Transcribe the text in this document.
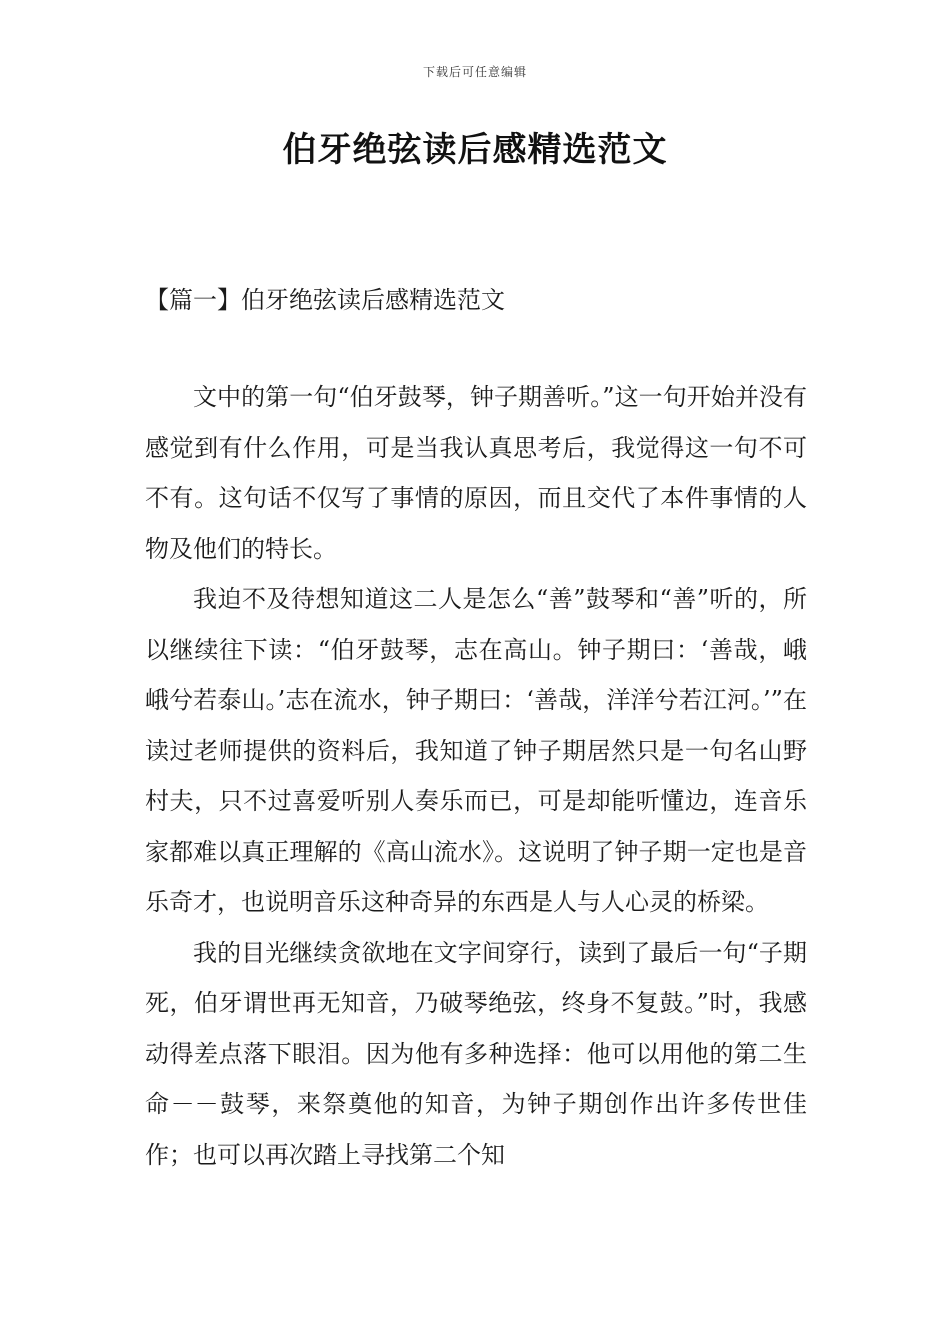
下载后可任意编辑
伯牙绝弦读后感精选范文
【篇一】伯牙绝弦读后感精选范文

文中的第一句“伯牙鼓琴，钟子期善听。”这一句开始并没有感觉到有什么作用，可是当我认真思考后，我觉得这一句不可不有。这句话不仅写了事情的原因，而且交代了本件事情的人物及他们的特长。

我迫不及待想知道这二人是怎么“善”鼓琴和“善”听的，所以继续往下读：“伯牙鼓琴，志在高山。钟子期曰：‘善哉，峨峨兮若泰山。’志在流水，钟子期曰：‘善哉，洋洋兮若江河。’”在读过老师提供的资料后，我知道了钟子期居然只是一句名山野村夫，只不过喜爱听别人奏乐而已，可是却能听懂边，连音乐家都难以真正理解的《高山流水》。这说明了钟子期一定也是音乐奇才，也说明音乐这种奇异的东西是人与人心灵的桥梁。

我的目光继续贪欲地在文字间穿行，读到了最后一句“子期死，伯牙谓世再无知音，乃破琴绝弦，终身不复鼓。”时，我感动得差点落下眼泪。因为他有多种选择：他可以用他的第二生命－－鼓琴，来祭奠他的知音，为钟子期创作出许多传世佳作；也可以再次踏上寻找第二个知
